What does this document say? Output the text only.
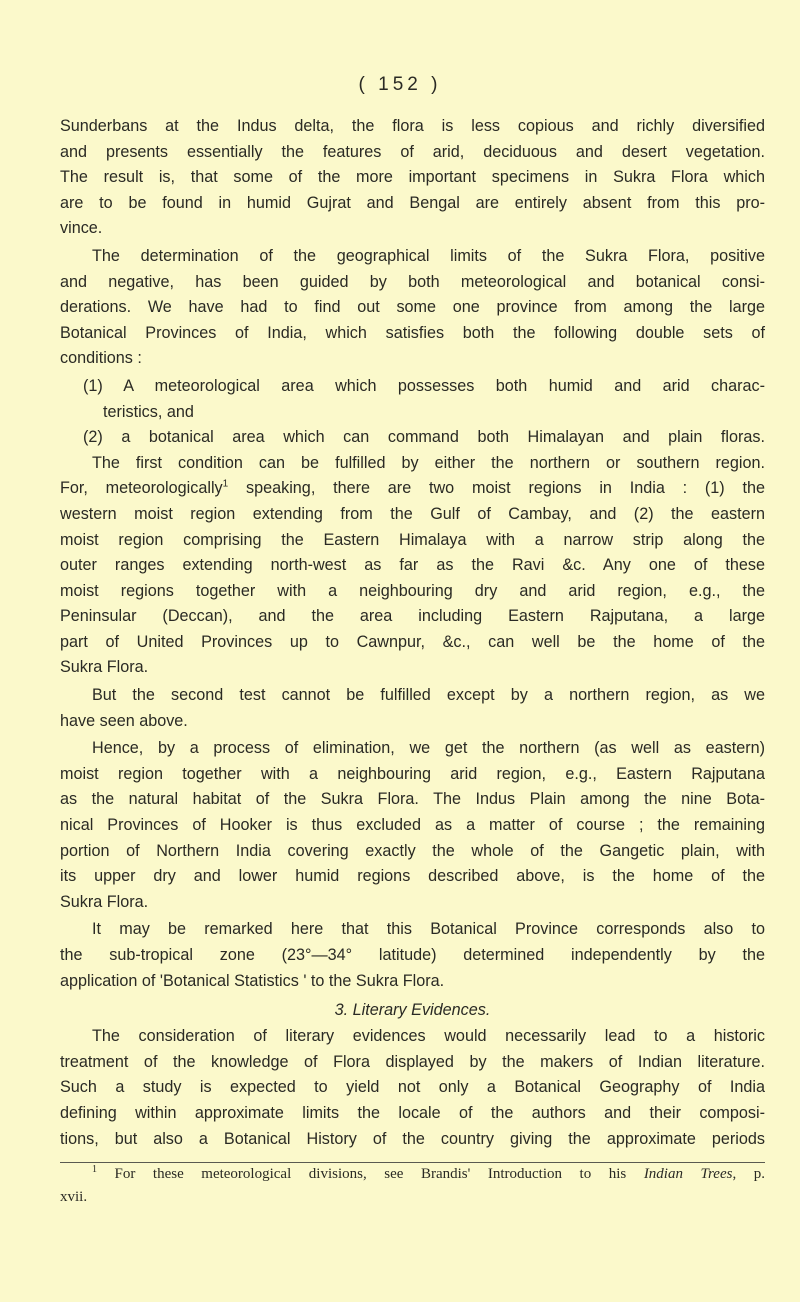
( 152 )
Sunderbans at the Indus delta, the flora is less copious and richly diversified
and presents essentially the features of arid, deciduous and desert vegetation.
The result is, that some of the more important specimens in Sukra Flora which
are to be found in humid Gujrat and Bengal are entirely absent from this pro-
vince.
The determination of the geographical limits of the Sukra Flora, positive
and negative, has been guided by both meteorological and botanical consi-
derations. We have had to find out some one province from among the large
Botanical Provinces of India, which satisfies both the following double sets of
conditions :
(1) A meteorological area which possesses both humid and arid charac-
teristics, and
(2) a botanical area which can command both Himalayan and plain floras.
The first condition can be fulfilled by either the northern or southern region.
For, meteorologically$^1$ speaking, there are two moist regions in India : (1) the
western moist region extending from the Gulf of Cambay, and (2) the eastern
moist region comprising the Eastern Himalaya with a narrow strip along the
outer ranges extending north-west as far as the Ravi &c. Any one of these
moist regions together with a neighbouring dry and arid region, e.g., the
Peninsular (Deccan), and the area including Eastern Rajputana, a large
part of United Provinces up to Cawnpur, &c., can well be the home of the
Sukra Flora.
But the second test cannot be fulfilled except by a northern region, as we
have seen above.
Hence, by a process of elimination, we get the northern (as well as eastern)
moist region together with a neighbouring arid region, e.g., Eastern Rajputana
as the natural habitat of the Sukra Flora. The Indus Plain among the nine Bota-
nical Provinces of Hooker is thus excluded as a matter of course ; the remaining
portion of Northern India covering exactly the whole of the Gangetic plain, with
its upper dry and lower humid regions described above, is the home of the
Sukra Flora.
It may be remarked here that this Botanical Province corresponds also to
the sub-tropical zone (23°—34° latitude) determined independently by the
application of 'Botanical Statistics ' to the Sukra Flora.
3. Literary Evidences.
The consideration of literary evidences would necessarily lead to a historic
treatment of the knowledge of Flora displayed by the makers of Indian literature.
Such a study is expected to yield not only a Botanical Geography of India
defining within approximate limits the locale of the authors and their composi-
tions, but also a Botanical History of the country giving the approximate periods
$^1$ For these meteorological divisions, see Brandis' Introduction to his Indian Trees, p.
xvii.
